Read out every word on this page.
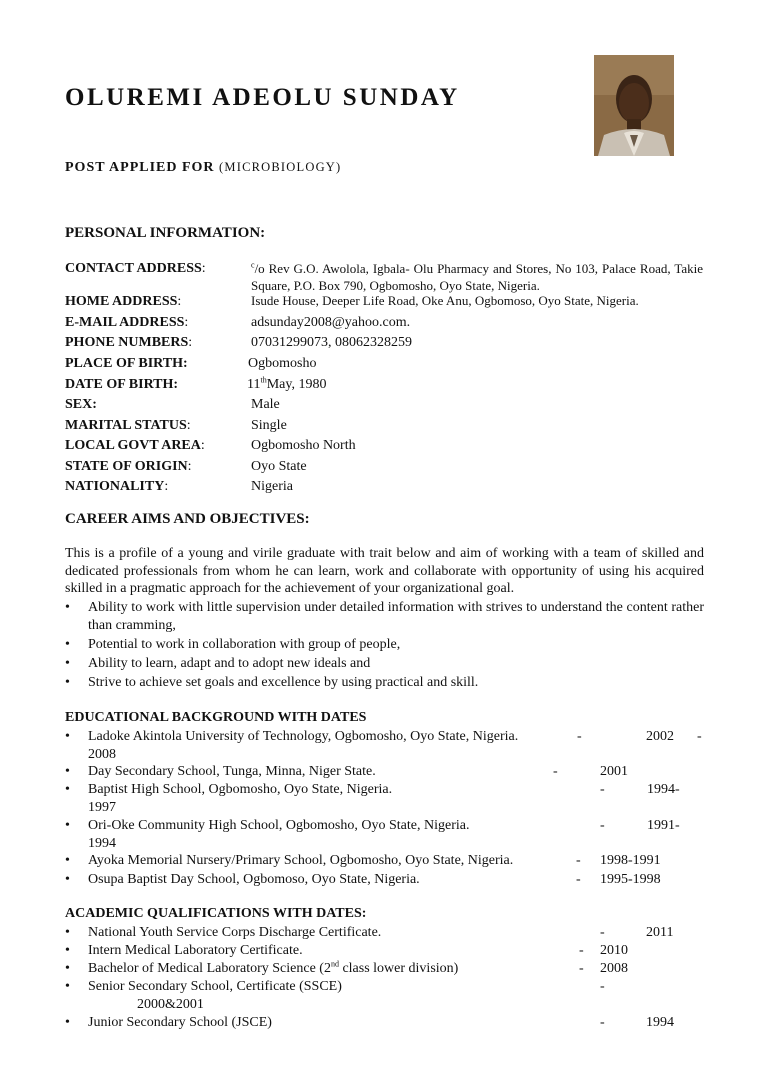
OLUREMI ADEOLU SUNDAY
POST APPLIED FOR (MICROBIOLOGY)
PERSONAL INFORMATION:
CONTACT ADDRESS:	$^c$/o Rev G.O. Awolola, Igbala- Olu Pharmacy and Stores, No 103, Palace Road, Takie Square, P.O. Box 790, Ogbomosho, Oyo State, Nigeria.
HOME ADDRESS:	Isude House, Deeper Life Road, Oke Anu, Ogbomoso, Oyo State, Nigeria.
E-MAIL ADDRESS:	adsunday2008@yahoo.com.
PHONE NUMBERS:	07031299073, 08062328259
PLACE OF BIRTH:	Ogbomosho
DATE OF BIRTH:	11thMay, 1980
SEX:	Male
MARITAL STATUS:	Single
LOCAL GOVT AREA:	Ogbomosho North
STATE OF ORIGIN:	Oyo State
NATIONALITY:	Nigeria
CAREER AIMS AND OBJECTIVES:

This is a profile of a young and virile graduate with trait below and aim of working with a team of skilled and dedicated professionals from whom he can learn, work and collaborate with opportunity of using his acquired skilled in a pragmatic approach for the achievement of your organizational goal.

• Ability to work with little supervision under detailed information with strives to understand the content rather than cramming,
• Potential to work in collaboration with group of people,
• Ability to learn, adapt and to adopt new ideals and
• Strive to achieve set goals and excellence by using practical and skill.
EDUCATIONAL BACKGROUND WITH DATES
• Ladoke Akintola University of Technology, Ogbomosho, Oyo State, Nigeria.	-	2002 -
2008
• Day Secondary School, Tunga, Minna, Niger State.	-	2001
• Baptist High School, Ogbomosho, Oyo State, Nigeria.	-	1994-
1997
• Ori-Oke Community High School, Ogbomosho, Oyo State, Nigeria.	-	1991-
1994
• Ayoka Memorial Nursery/Primary School, Ogbomosho, Oyo State, Nigeria.	- 1998-1991
• Osupa Baptist Day School, Ogbomoso, Oyo State, Nigeria.	- 1995-1998
ACADEMIC QUALIFICATIONS WITH DATES:
• National Youth Service Corps Discharge Certificate.	-	2011
• Intern Medical Laboratory Certificate.	- 2010
• Bachelor of Medical Laboratory Science (2nd class lower division)	- 2008
• Senior Secondary School, Certificate (SSCE)	-
2000&2001
• Junior Secondary School (JSCE)	-	1994
